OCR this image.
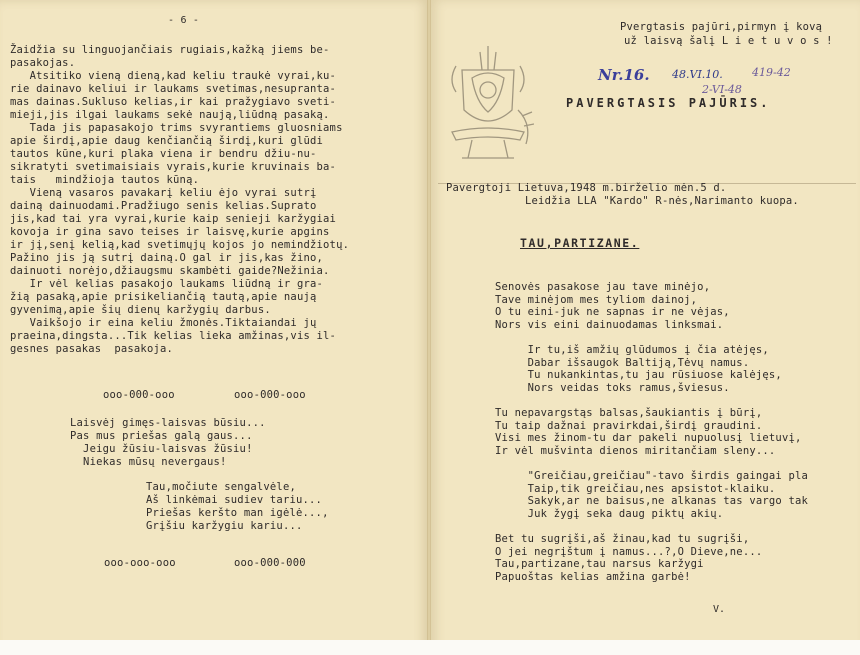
- 6 -
Žaidžia su linguojančiais rugiais,kažką jiems be-
pasakojas.
Atsitiko vieną dieną,kad keliu traukė vyrai,ku-
rie dainavo keliui ir laukams svetimas,nesupranta-
mas dainas.Sukluso kelias,ir kai pražygiavo sveti-
mieji,jis ilgai laukams sekė naują,liūdną pasaką.
Tada jis papasakojo trims svyrantiems gluosniams
apie širdį,apie daug kenčiančią širdį,kuri glūdi
tautos kūne,kuri plaka viena ir bendru džiu-nu-
sikratyti svetimaisiais vyrais,kurie kruvinais ba-
tais   mindžioja tautos kūną.
Vieną vasaros pavakarį keliu ėjo vyrai sutrį
dainą dainuodami.Pradžiugo senis kelias.Suprato
jis,kad tai yra vyrai,kurie kaip senieji karžygiai
kovoja ir gina savo teises ir laisvę,kurie apgins
ir jį,senį kelią,kad svetimųjų kojos jo nemindžiotų.
Pažino jis ją sutrį dainą.O gal ir jis,kas žino,
dainuoti norėjo,džiaugsmu skambėti gaide?Nežinia.
Ir vėl kelias pasakojo laukams liūdną ir gra-
žią pasaką,apie prisikeliančią tautą,apie naują
gyvenimą,apie šių dienų karžygių darbus.
Vaikšojo ir eina keliu žmonės.Tiktaiandai jų
praeina,dingsta...Tik kelias lieka amžinas,vis il-
gesnes pasakas  pasakoja.
ooo-000-ooo	ooo-000-ooo
Laisvėj gimęs-laisvas būsiu...
Pas mus priešas galą gaus...
Jeigu žūsiu-laisvas žūsiu!
Niekas mūsų nevergaus!
Tau,močiute sengalvėle,
Aš linkėmai sudiev tariu...
Priešas keršto man igėlė...,
Grįšiu karžygiu kariu...
ooo-ooo-ooo	ooo-000-000
Pvergtasis pajūri,pirmyn į kovą
už laisvą šalį L i e t u v o s !
Nr.16. 48.VI.10.	419-42
2-VI-48
PAVERGTASIS PAJŪRIS.
Pavergtoji Lietuva,1948 m.birželio mėn.5 d.
Leidžia LLA "Kardo" R-nės,Narimanto kuopa.
TAU,PARTIZANE.
Senovės pasakose jau tave minėjo,
Tave minėjom mes tyliom dainoj,
O tu eini-juk ne sapnas ir ne vėjas,
Nors vis eini dainuodamas linksmai.
Ir tu,iš amžių glūdumos į čia atėjęs,
Dabar išsaugok Baltiją,Tėvų namus.
Tu nukankintas,tu jau rūsiuose kalėjęs,
Nors veidas toks ramus,šviesus.
Tu nepavargstąs balsas,šaukiantis į būrį,
Tu taip dažnai pravirkdai,širdį graudini.
Visi mes žinom-tu dar pakeli nupuolusį lietuvį,
Ir vėl mušvinta dienos miritančiam sleny...
"Greičiau,greičiau"-tavo širdis gaingai pla
Taip,tik greičiau,nes apsistot-klaiku.
Sakyk,ar ne baisus,ne alkanas tas vargo tak
Juk žygį seka daug piktų akių.
Bet tu sugrįši,aš žinau,kad tu sugrįši,
O jei negrįštum į namus...?,O Dieve,ne...
Tau,partizane,tau narsus karžygi
Papuoštas kelias amžina garbė!
V.
